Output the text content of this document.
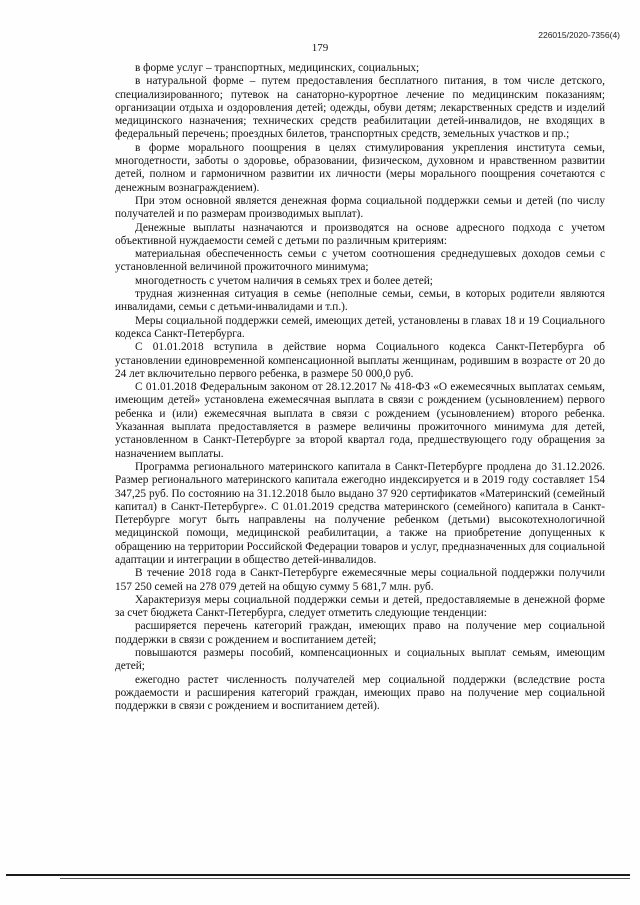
226015/2020-7356(4)
179

в форме услуг – транспортных, медицинских, социальных;

в натуральной форме – путем предоставления бесплатного питания, в том числе детского, специализированного; путевок на санаторно-курортное лечение по медицинским показаниям; организации отдыха и оздоровления детей; одежды, обуви детям; лекарственных средств и изделий медицинского назначения; технических средств реабилитации детей-инвалидов, не входящих в федеральный перечень; проездных билетов, транспортных средств, земельных участков и пр.;

в форме морального поощрения в целях стимулирования укрепления института семьи, многодетности, заботы о здоровье, образовании, физическом, духовном и нравственном развитии детей, полном и гармоничном развитии их личности (меры морального поощрения сочетаются с денежным вознаграждением).

При этом основной является денежная форма социальной поддержки семьи и детей (по числу получателей и по размерам производимых выплат).

Денежные выплаты назначаются и производятся на основе адресного подхода с учетом объективной нуждаемости семей с детьми по различным критериям:

материальная обеспеченность семьи с учетом соотношения среднедушевых доходов семьи с установленной величиной прожиточного минимума;

многодетность с учетом наличия в семьях трех и более детей;

трудная жизненная ситуация в семье (неполные семьи, семьи, в которых родители являются инвалидами, семьи с детьми-инвалидами и т.п.).

Меры социальной поддержки семей, имеющих детей, установлены в главах 18 и 19 Социального кодекса Санкт-Петербурга.

С 01.01.2018 вступила в действие норма Социального кодекса Санкт-Петербурга об установлении единовременной компенсационной выплаты женщинам, родившим в возрасте от 20 до 24 лет включительно первого ребенка, в размере 50 000,0 руб.

С 01.01.2018 Федеральным законом от 28.12.2017 № 418-ФЗ «О ежемесячных выплатах семьям, имеющим детей» установлена ежемесячная выплата в связи с рождением (усыновлением) первого ребенка и (или) ежемесячная выплата в связи с рождением (усыновлением) второго ребенка. Указанная выплата предоставляется в размере величины прожиточного минимума для детей, установленном в Санкт-Петербурге за второй квартал года, предшествующего году обращения за назначением выплаты.

Программа регионального материнского капитала в Санкт-Петербурге продлена до 31.12.2026. Размер регионального материнского капитала ежегодно индексируется и в 2019 году составляет 154 347,25 руб. По состоянию на 31.12.2018 было выдано 37 920 сертификатов «Материнский (семейный капитал) в Санкт-Петербурге». С 01.01.2019 средства материнского (семейного) капитала в Санкт-Петербурге могут быть направлены на получение ребенком (детьми) высокотехнологичной медицинской помощи, медицинской реабилитации, а также на приобретение допущенных к обращению на территории Российской Федерации товаров и услуг, предназначенных для социальной адаптации и интеграции в общество детей-инвалидов.

В течение 2018 года в Санкт-Петербурге ежемесячные меры социальной поддержки получили 157 250 семей на 278 079 детей на общую сумму 5 681,7 млн. руб.

Характеризуя меры социальной поддержки семьи и детей, предоставляемые в денежной форме за счет бюджета Санкт-Петербурга, следует отметить следующие тенденции:

расширяется перечень категорий граждан, имеющих право на получение мер социальной поддержки в связи с рождением и воспитанием детей;

повышаются размеры пособий, компенсационных и социальных выплат семьям, имеющим детей;

ежегодно растет численность получателей мер социальной поддержки (вследствие роста рождаемости и расширения категорий граждан, имеющих право на получение мер социальной поддержки в связи с рождением и воспитанием детей).
